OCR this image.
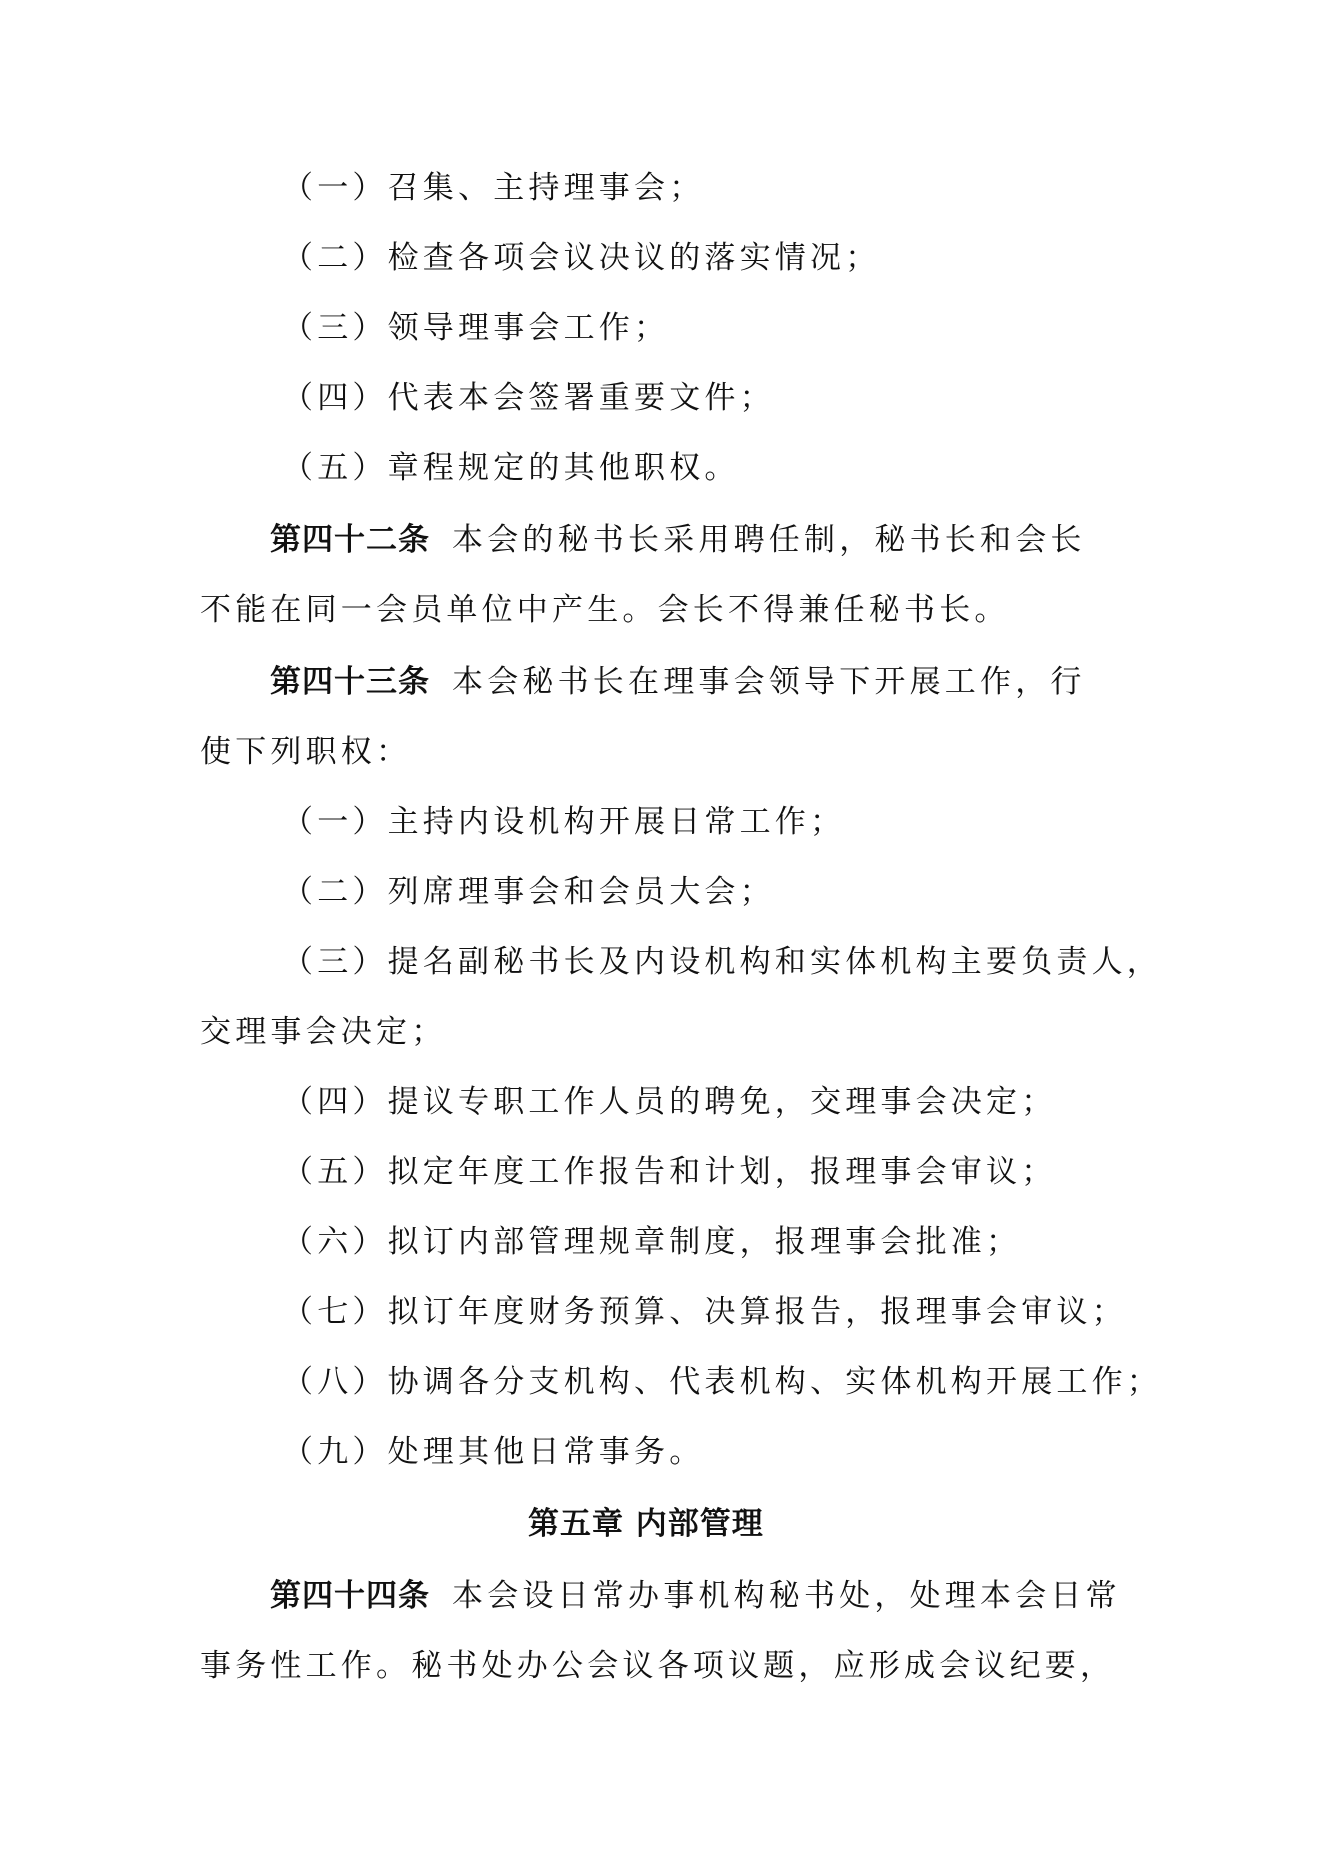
（一）召集、主持理事会；
（二）检查各项会议决议的落实情况；
（三）领导理事会工作；
（四）代表本会签署重要文件；
（五）章程规定的其他职权。
第四十二条 本会的秘书长采用聘任制，秘书长和会长
不能在同一会员单位中产生。会长不得兼任秘书长。
第四十三条 本会秘书长在理事会领导下开展工作，行
使下列职权：
（一）主持内设机构开展日常工作；
（二）列席理事会和会员大会；
（三）提名副秘书长及内设机构和实体机构主要负责人，
交理事会决定；
（四）提议专职工作人员的聘免，交理事会决定；
（五）拟定年度工作报告和计划，报理事会审议；
（六）拟订内部管理规章制度，报理事会批准；
（七）拟订年度财务预算、决算报告，报理事会审议；
（八）协调各分支机构、代表机构、实体机构开展工作；
（九）处理其他日常事务。
第五章 内部管理
第四十四条 本会设日常办事机构秘书处，处理本会日常
事务性工作。秘书处办公会议各项议题，应形成会议纪要，
